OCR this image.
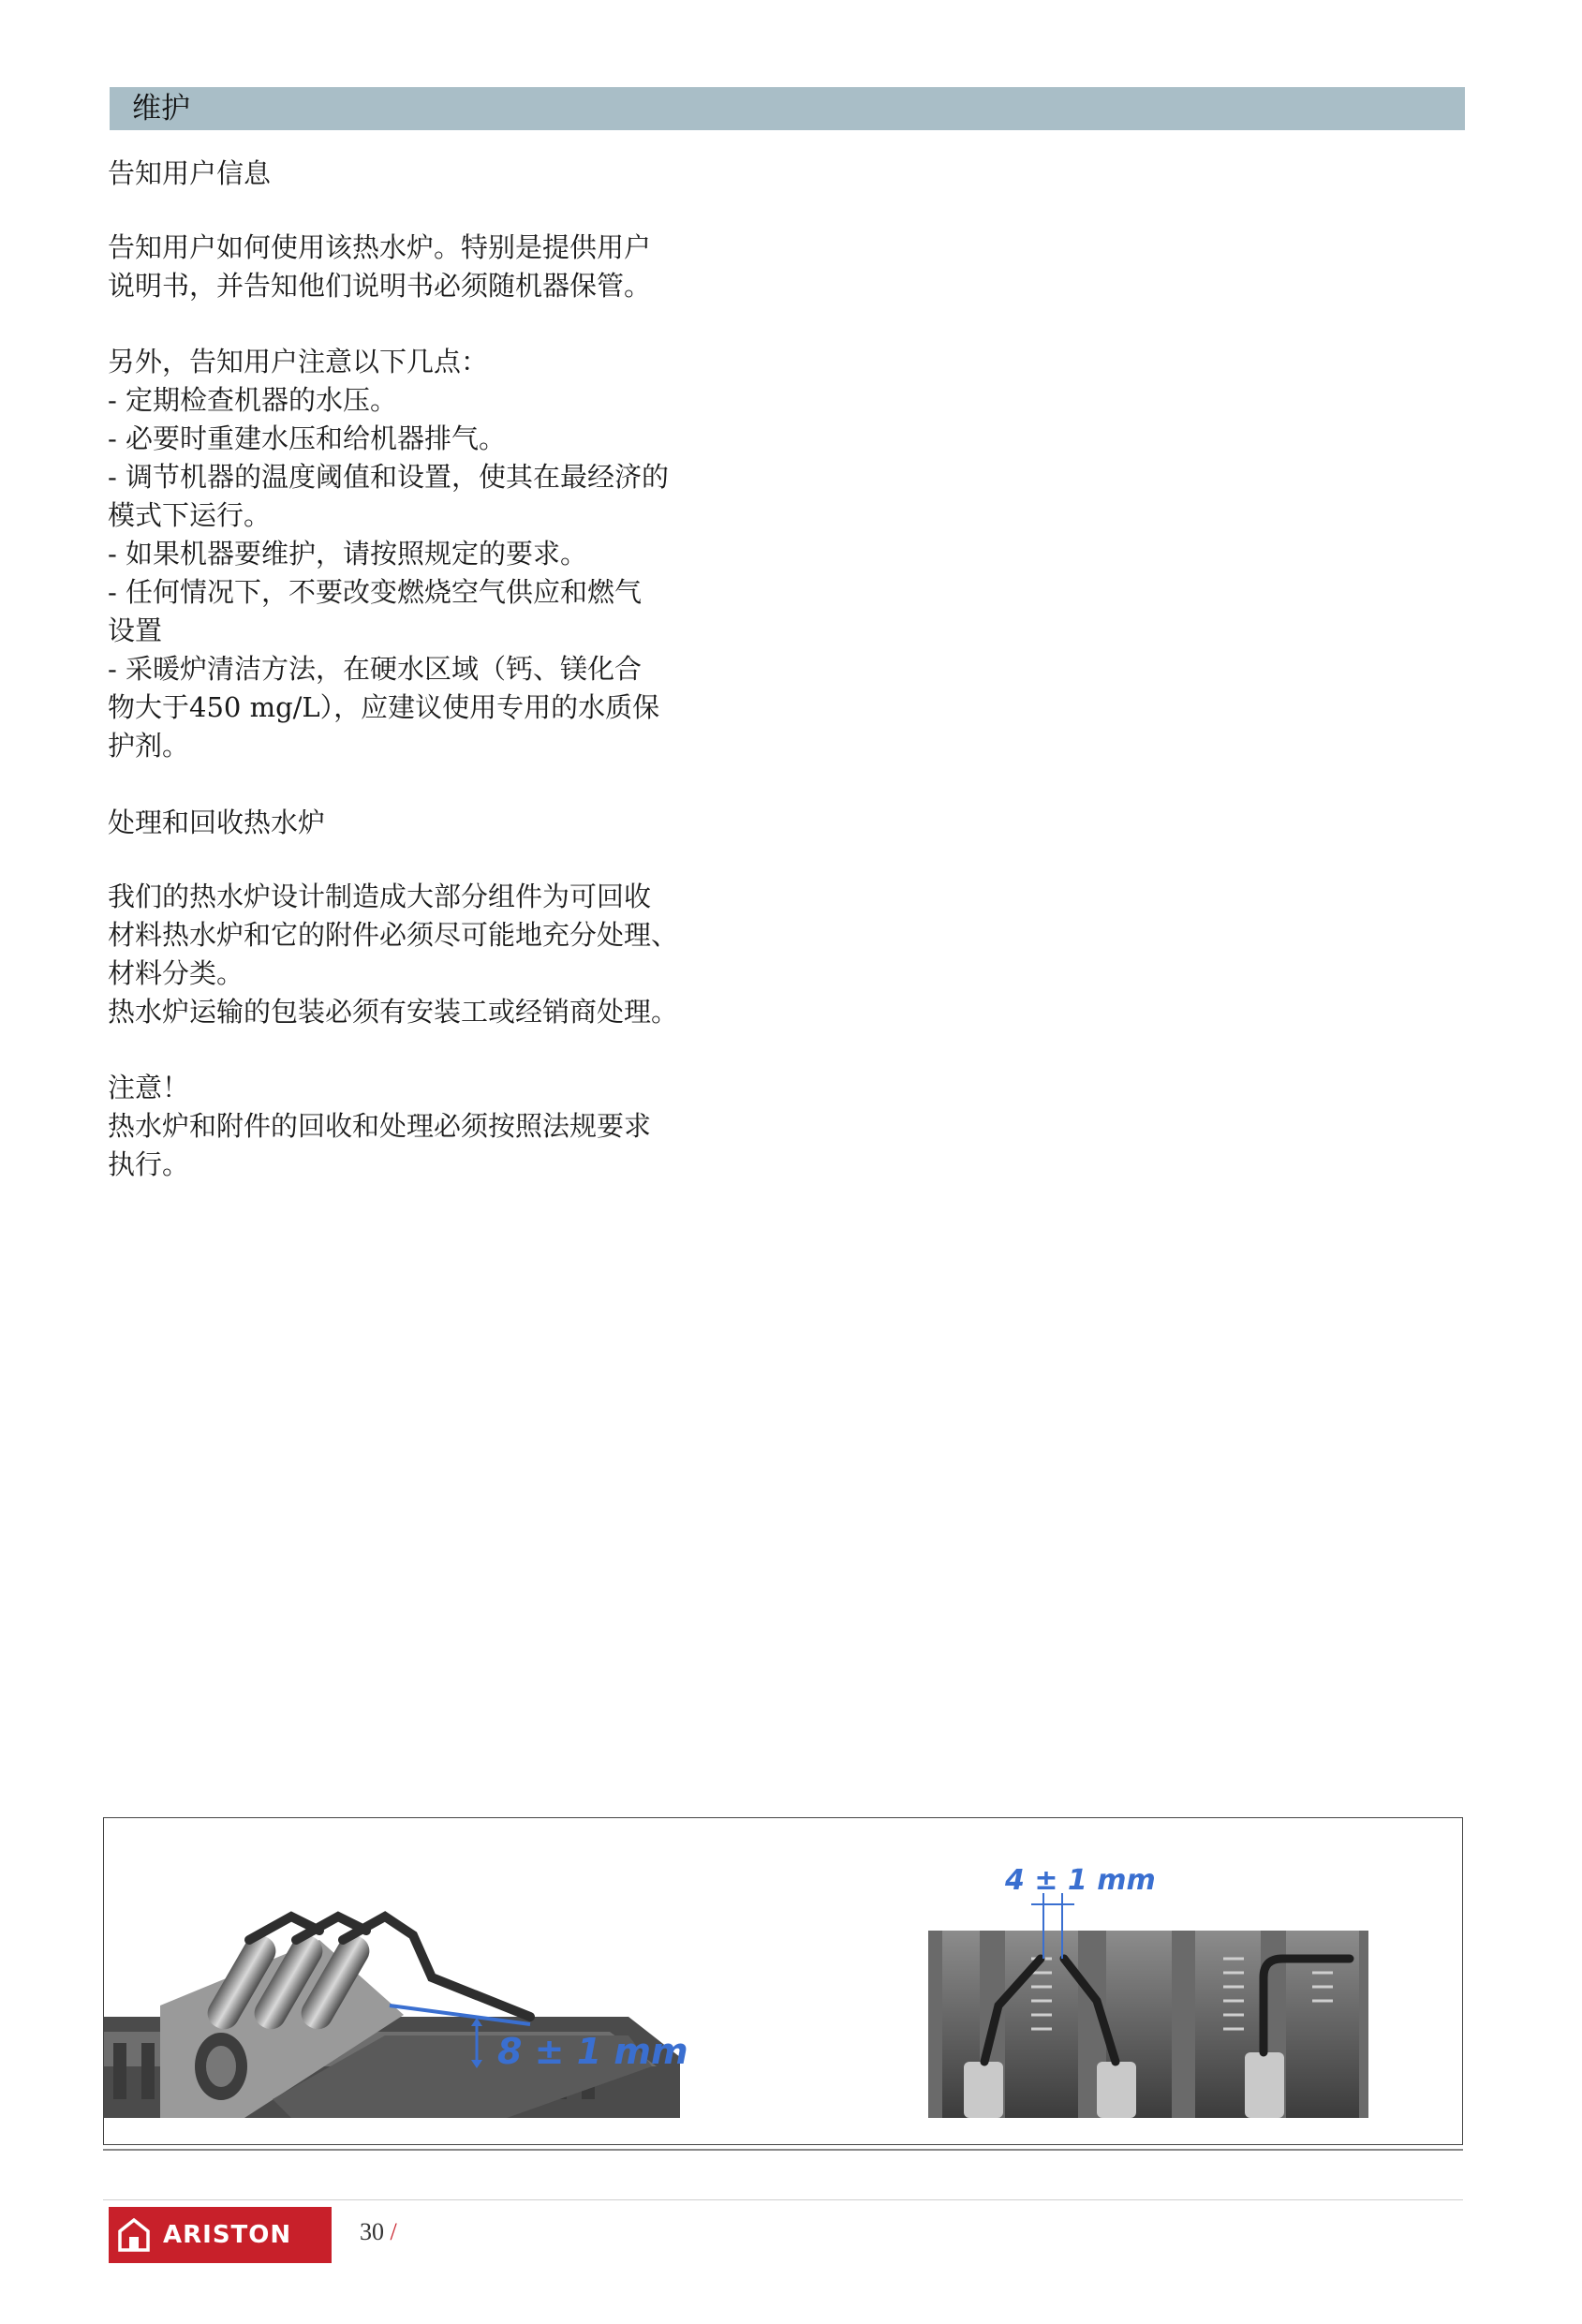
维护
告知用户信息

告知用户如何使用该热水炉。特别是提供用户
说明书，并告知他们说明书必须随机器保管。

另外，告知用户注意以下几点：
- 定期检查机器的水压。
- 必要时重建水压和给机器排气。
- 调节机器的温度阈值和设置，使其在最经济的
模式下运行。
- 如果机器要维护，请按照规定的要求。
- 任何情况下，不要改变燃烧空气供应和燃气
设置
- 采暖炉清洁方法，在硬水区域（钙、镁化合
物大于450 mg/L），应建议使用专用的水质保
护剂。

处理和回收热水炉

我们的热水炉设计制造成大部分组件为可回收
材料热水炉和它的附件必须尽可能地充分处理、
材料分类。
热水炉运输的包装必须有安装工或经销商处理。

注意！
热水炉和附件的回收和处理必须按照法规要求
执行。

8 ± 1 mm
4 ± 1 mm
ARISTON	30 /
